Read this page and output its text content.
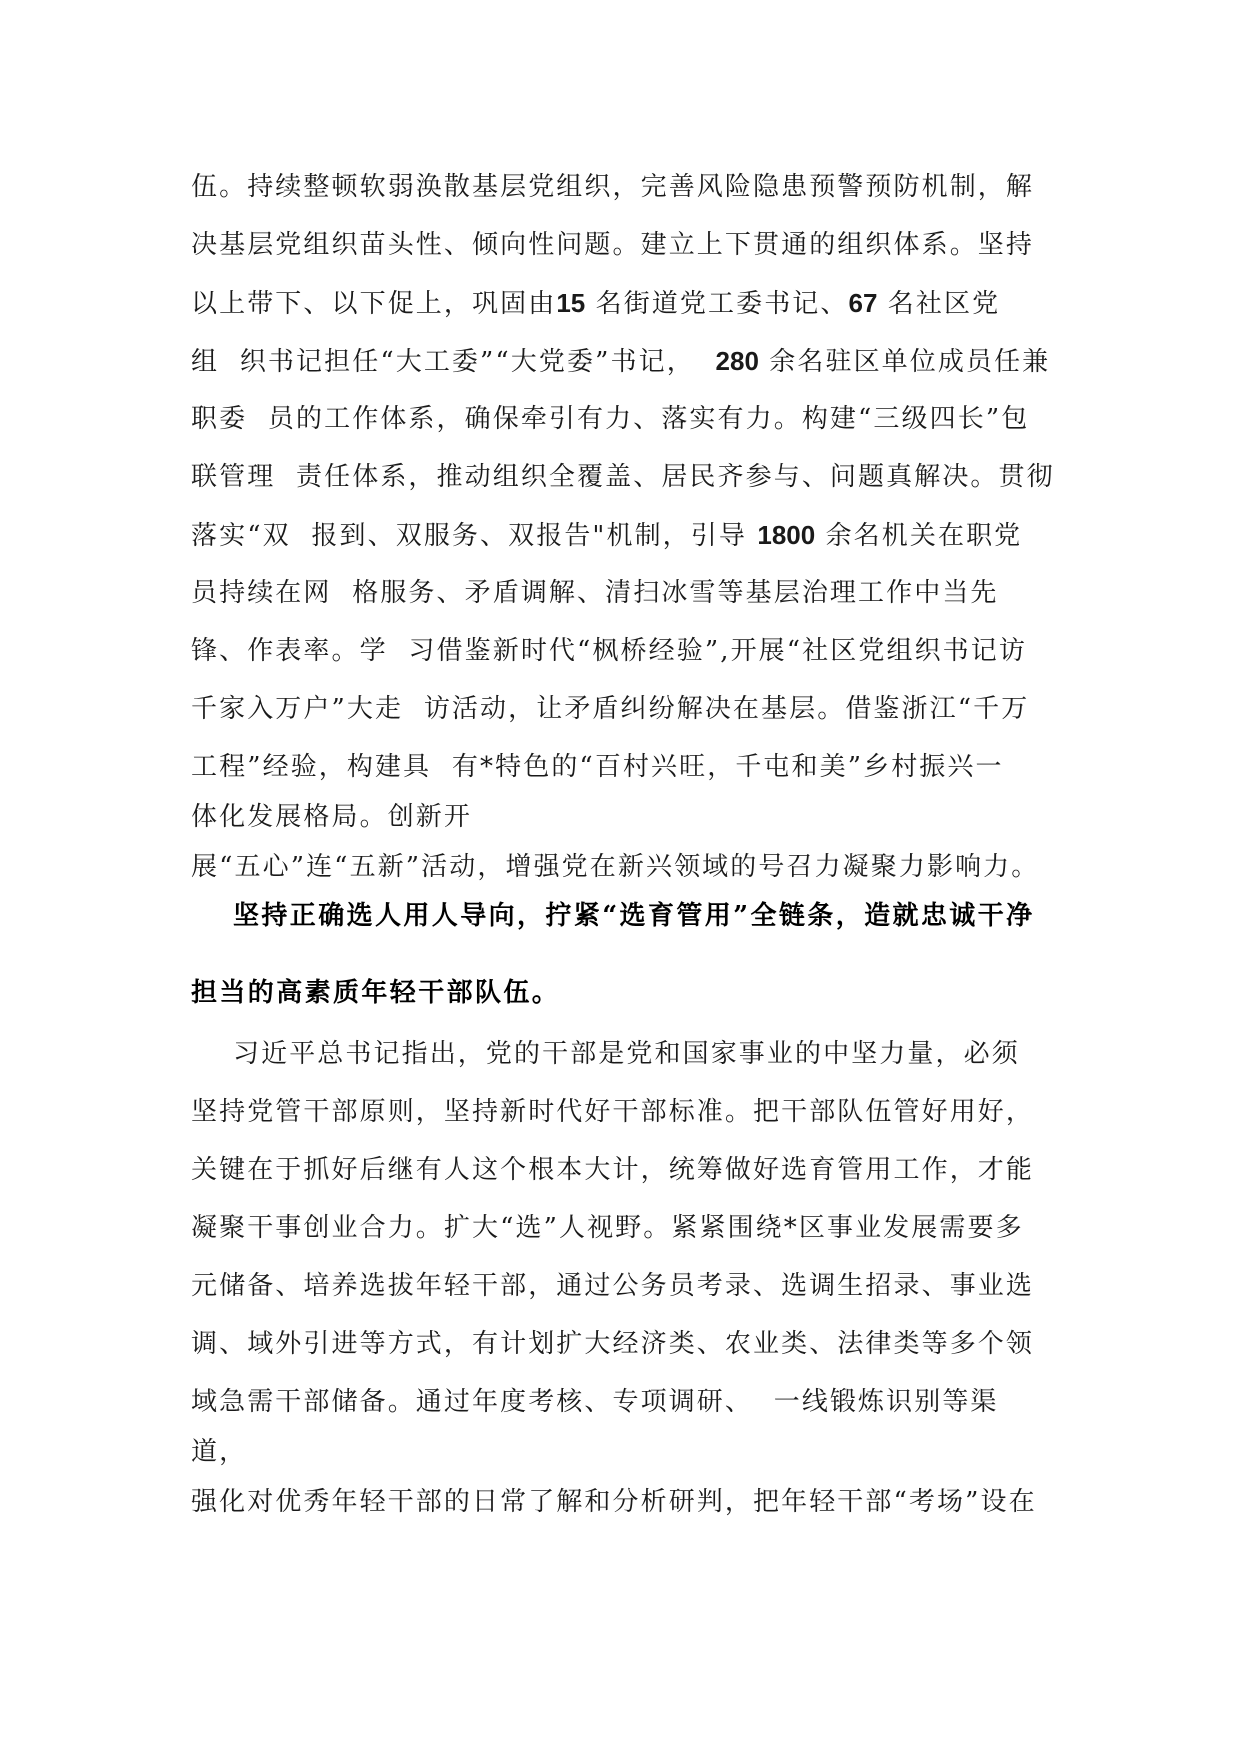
伍。持续整顿软弱涣散基层党组织，完善风险隐患预警预防机制，解
决基层党组织苗头性、倾向性问题。建立上下贯通的组织体系。坚持
以上带下、以下促上，巩固由15 名街道党工委书记、67 名社区党
组  织书记担任“大工委”“大党委”书记，  280 余名驻区单位成员任兼
职委  员的工作体系，确保牵引有力、落实有力。构建“三级四长”包
联管理  责任体系，推动组织全覆盖、居民齐参与、问题真解决。贯彻
落实“双  报到、双服务、双报告"机制，引导 1800 余名机关在职党
员持续在网  格服务、矛盾调解、清扫冰雪等基层治理工作中当先
锋、作表率。学  习借鉴新时代“枫桥经验”,开展“社区党组织书记访
千家入万户”大走  访活动，让矛盾纠纷解决在基层。借鉴浙江“千万
工程”经验，构建具  有*特色的“百村兴旺，千屯和美”乡村振兴一
体化发展格局。创新开
展“五心”连“五新”活动，增强党在新兴领域的号召力凝聚力影响力。
坚持正确选人用人导向，拧紧“选育管用”全链条，造就忠诚干净
担当的高素质年轻干部队伍。
习近平总书记指出，党的干部是党和国家事业的中坚力量，必须
坚持党管干部原则，坚持新时代好干部标准。把干部队伍管好用好，
关键在于抓好后继有人这个根本大计，统筹做好选育管用工作，才能
凝聚干事创业合力。扩大“选”人视野。紧紧围绕*区事业发展需要多
元储备、培养选拔年轻干部，通过公务员考录、选调生招录、事业选
调、域外引进等方式，有计划扩大经济类、农业类、法律类等多个领
域急需干部储备。通过年度考核、专项调研、  一线锻炼识别等渠
道，
强化对优秀年轻干部的日常了解和分析研判，把年轻干部“考场”设在
